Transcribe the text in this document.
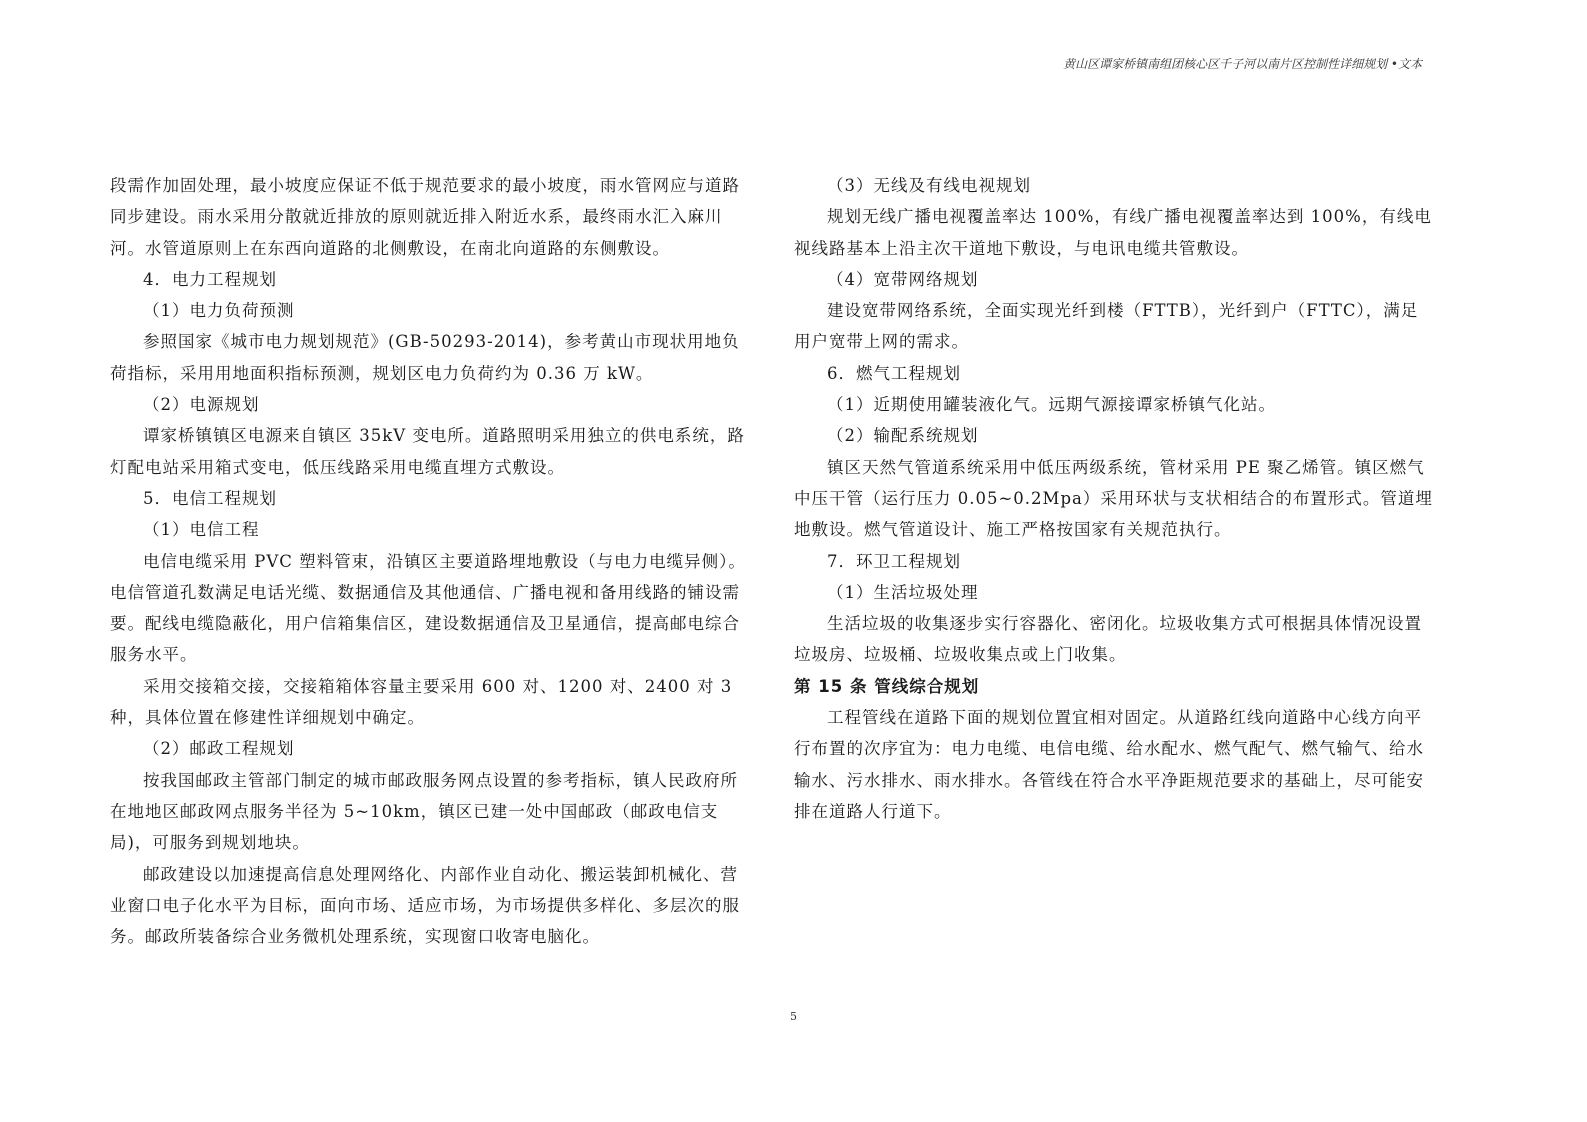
黄山区谭家桥镇南组团核心区千子河以南片区控制性详细规划 •文本

段需作加固处理，最小坡度应保证不低于规范要求的最小坡度，雨水管网应与道路同步建设。雨水采用分散就近排放的原则就近排入附近水系，最终雨水汇入麻川河。水管道原则上在东西向道路的北侧敷设，在南北向道路的东侧敷设。

4．电力工程规划

（1）电力负荷预测

参照国家《城市电力规划规范》(GB-50293-2014)，参考黄山市现状用地负荷指标，采用用地面积指标预测，规划区电力负荷约为 0.36 万 kW。

（2）电源规划

谭家桥镇镇区电源来自镇区 35kV 变电所。道路照明采用独立的供电系统，路灯配电站采用箱式变电，低压线路采用电缆直埋方式敷设。

5．电信工程规划

（1）电信工程

电信电缆采用 PVC 塑料管束，沿镇区主要道路埋地敷设（与电力电缆异侧）。电信管道孔数满足电话光缆、数据通信及其他通信、广播电视和备用线路的铺设需要。配线电缆隐蔽化，用户信箱集信区，建设数据通信及卫星通信，提高邮电综合服务水平。

采用交接箱交接，交接箱箱体容量主要采用 600 对、1200 对、2400 对 3 种，具体位置在修建性详细规划中确定。

（2）邮政工程规划

按我国邮政主管部门制定的城市邮政服务网点设置的参考指标，镇人民政府所在地地区邮政网点服务半径为 5~10km，镇区已建一处中国邮政（邮政电信支局)，可服务到规划地块。

邮政建设以加速提高信息处理网络化、内部作业自动化、搬运装卸机械化、营业窗口电子化水平为目标，面向市场、适应市场，为市场提供多样化、多层次的服务。邮政所装备综合业务微机处理系统，实现窗口收寄电脑化。

（3）无线及有线电视规划

规划无线广播电视覆盖率达 100%，有线广播电视覆盖率达到 100%，有线电视线路基本上沿主次干道地下敷设，与电讯电缆共管敷设。

（4）宽带网络规划

建设宽带网络系统，全面实现光纤到楼（FTTB），光纤到户（FTTC），满足用户宽带上网的需求。

6．燃气工程规划

（1）近期使用罐装液化气。远期气源接谭家桥镇气化站。

（2）输配系统规划

镇区天然气管道系统采用中低压两级系统，管材采用 PE 聚乙烯管。镇区燃气中压干管（运行压力 0.05~0.2Mpa）采用环状与支状相结合的布置形式。管道埋地敷设。燃气管道设计、施工严格按国家有关规范执行。

7．环卫工程规划

（1）生活垃圾处理

生活垃圾的收集逐步实行容器化、密闭化。垃圾收集方式可根据具体情况设置垃圾房、垃圾桶、垃圾收集点或上门收集。

第 15 条 管线综合规划

工程管线在道路下面的规划位置宜相对固定。从道路红线向道路中心线方向平行布置的次序宜为：电力电缆、电信电缆、给水配水、燃气配气、燃气输气、给水输水、污水排水、雨水排水。各管线在符合水平净距规范要求的基础上，尽可能安排在道路人行道下。

5
